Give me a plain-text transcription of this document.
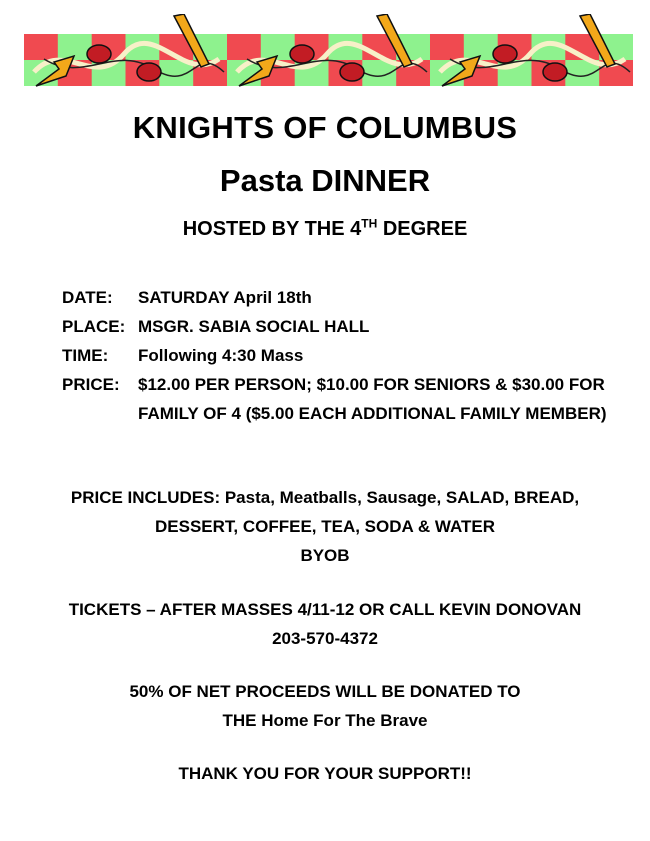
KNIGHTS OF COLUMBUS
Pasta DINNER
HOSTED BY THE 4TH DEGREE
DATE:	SATURDAY April 18th
PLACE: MSGR. SABIA SOCIAL HALL
TIME:	Following 4:30 Mass
PRICE:	$12.00 PER PERSON; $10.00 FOR SENIORS & $30.00 FOR FAMILY OF 4 ($5.00 EACH ADDITIONAL FAMILY MEMBER)
PRICE INCLUDES: Pasta, Meatballs, Sausage, SALAD, BREAD,
DESSERT, COFFEE, TEA, SODA & WATER
BYOB
TICKETS – AFTER MASSES 4/11-12 OR CALL KEVIN DONOVAN
203-570-4372
50% OF NET PROCEEDS WILL BE DONATED TO
THE Home For The Brave
THANK YOU FOR YOUR SUPPORT!!
